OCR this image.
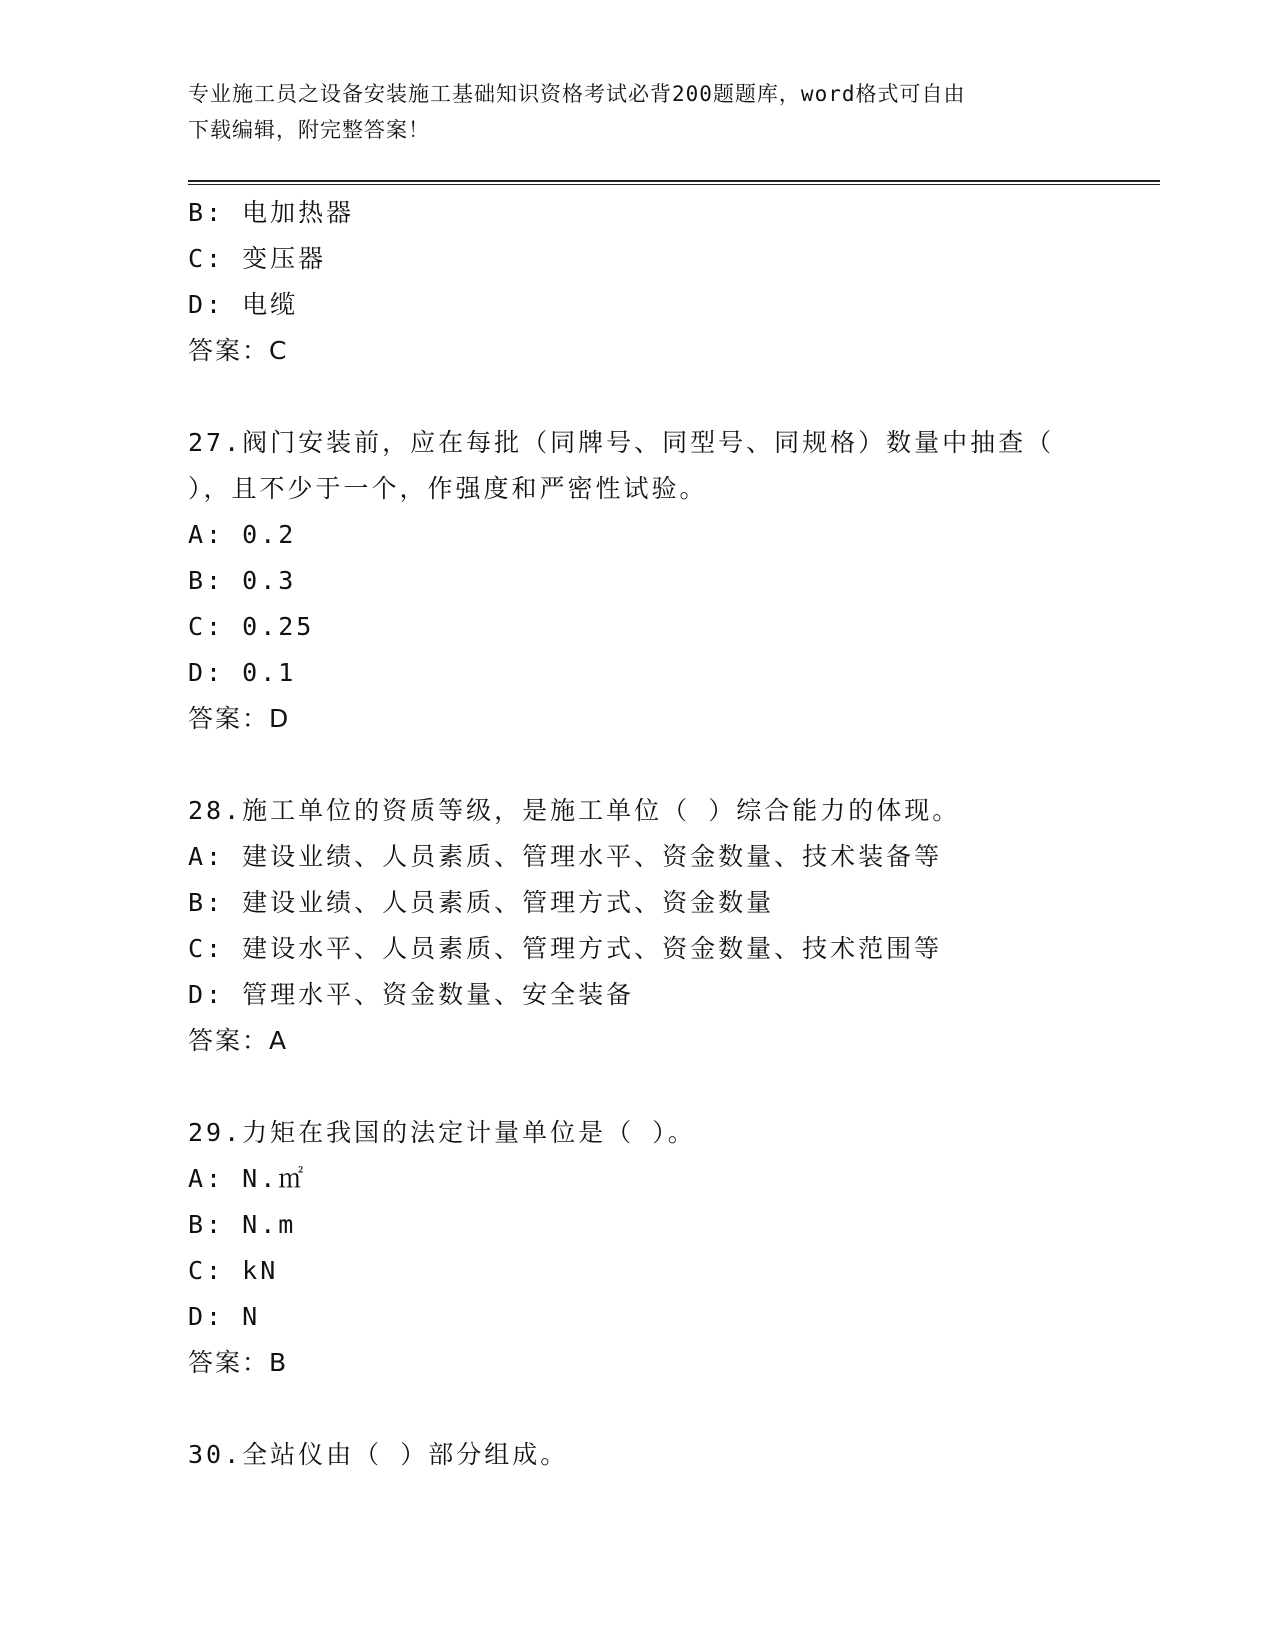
专业施工员之设备安装施工基础知识资格考试必背200题题库，word格式可自由
下载编辑，附完整答案！
B: 电加热器
C: 变压器
D: 电缆
答案：C
27.阀门安装前，应在每批（同牌号、同型号、同规格）数量中抽查（
），且不少于一个，作强度和严密性试验。
A: 0.2
B: 0.3
C: 0.25
D: 0.1
答案：D
28.施工单位的资质等级，是施工单位（ ）综合能力的体现。
A: 建设业绩、人员素质、管理水平、资金数量、技术装备等
B: 建设业绩、人员素质、管理方式、资金数量
C: 建设水平、人员素质、管理方式、资金数量、技术范围等
D: 管理水平、资金数量、安全装备
答案：A
29.力矩在我国的法定计量单位是（ ）。
A: N.㎡
B: N.m
C: kN
D: N
答案：B
30.全站仪由（ ）部分组成。
